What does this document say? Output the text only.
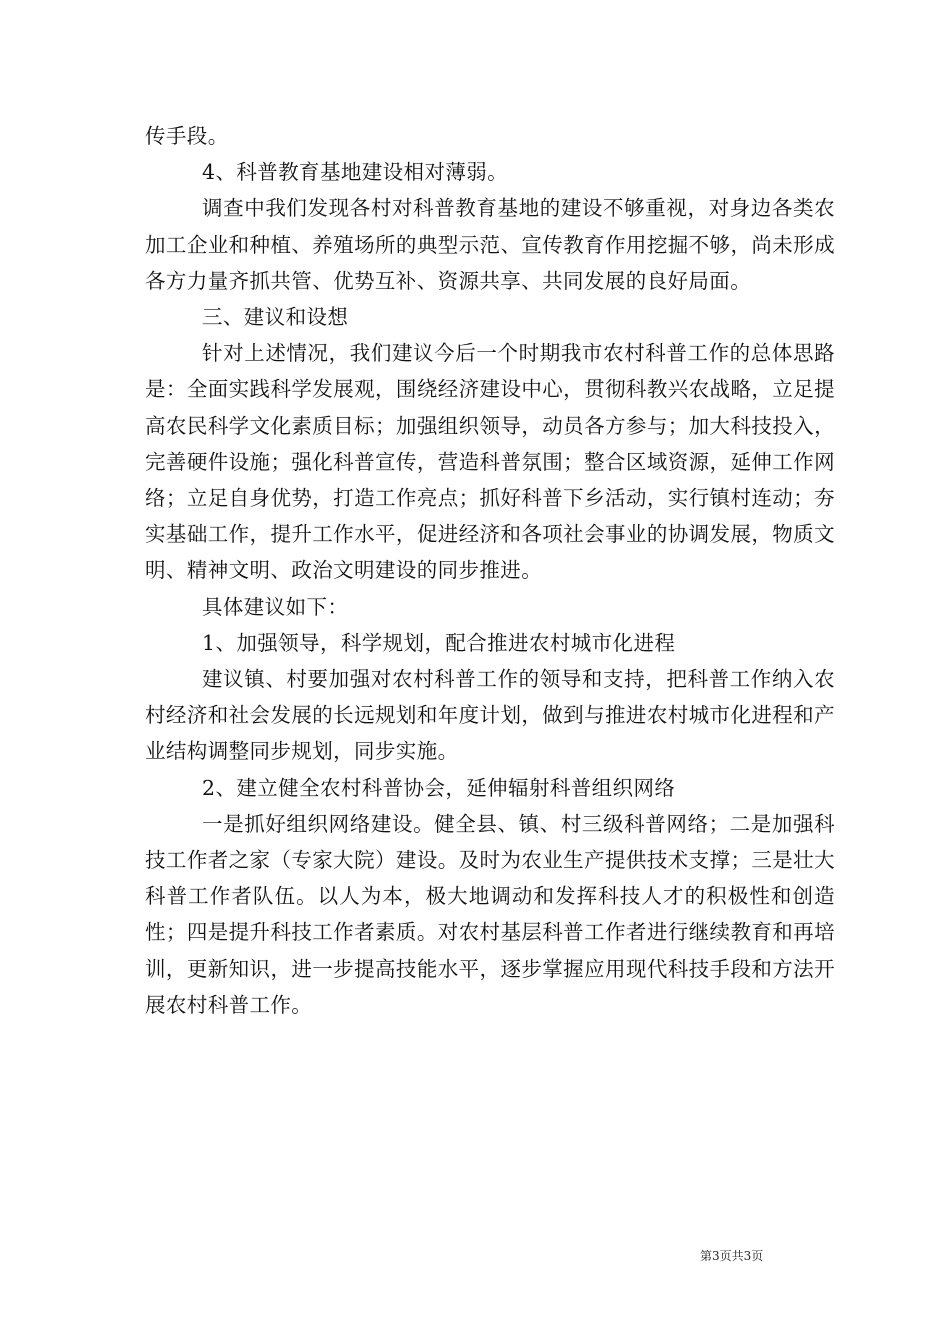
传手段。

4、科普教育基地建设相对薄弱。

调查中我们发现各村对科普教育基地的建设不够重视，对身边各类农加工企业和种植、养殖场所的典型示范、宣传教育作用挖掘不够，尚未形成各方力量齐抓共管、优势互补、资源共享、共同发展的良好局面。

三、建议和设想

针对上述情况，我们建议今后一个时期我市农村科普工作的总体思路是：全面实践科学发展观，围绕经济建设中心，贯彻科教兴农战略，立足提高农民科学文化素质目标；加强组织领导，动员各方参与；加大科技投入，完善硬件设施；强化科普宣传，营造科普氛围；整合区域资源，延伸工作网络；立足自身优势，打造工作亮点；抓好科普下乡活动，实行镇村连动；夯实基础工作，提升工作水平，促进经济和各项社会事业的协调发展，物质文明、精神文明、政治文明建设的同步推进。

具体建议如下：

1、加强领导，科学规划，配合推进农村城市化进程

建议镇、村要加强对农村科普工作的领导和支持，把科普工作纳入农村经济和社会发展的长远规划和年度计划，做到与推进农村城市化进程和产业结构调整同步规划，同步实施。

2、建立健全农村科普协会，延伸辐射科普组织网络

一是抓好组织网络建设。健全县、镇、村三级科普网络；二是加强科技工作者之家（专家大院）建设。及时为农业生产提供技术支撑；三是壮大科普工作者队伍。以人为本，极大地调动和发挥科技人才的积极性和创造性；四是提升科技工作者素质。对农村基层科普工作者进行继续教育和再培训，更新知识，进一步提高技能水平，逐步掌握应用现代科技手段和方法开展农村科普工作。

第3页共3页
